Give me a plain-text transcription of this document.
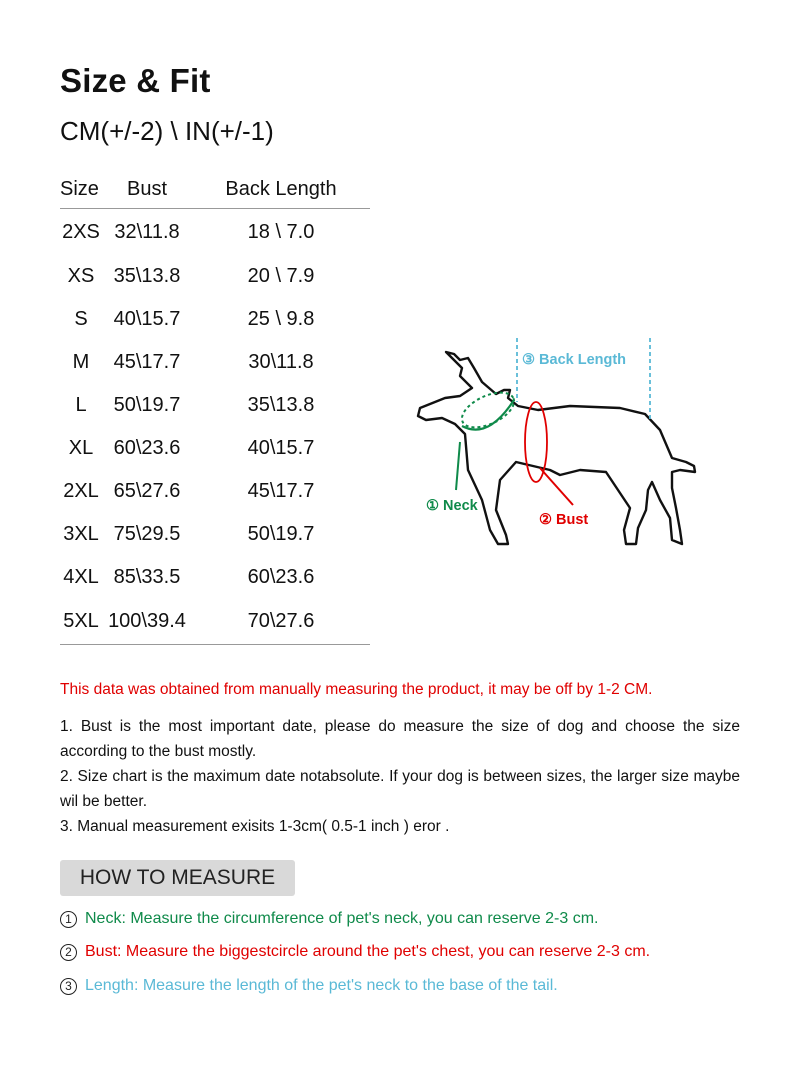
Size & Fit
CM(+/-2) \ IN(+/-1)
Size	Bust	Back Length
2XS	32\11.8	18 \ 7.0
XS	35\13.8	20 \ 7.9
S	40\15.7	25 \ 9.8
M	45\17.7	30\11.8
L	50\19.7	35\13.8
XL	60\23.6	40\15.7
2XL	65\27.6	45\17.7
3XL	75\29.5	50\19.7
4XL	85\33.5	60\23.6
5XL	100\39.4	70\27.6
③ Back Length
① Neck
② Bust
This data was obtained from manually measuring the product, it may be off by 1-2 CM.

1. Bust is the most important date, please do measure the size of dog and choose the size according to the bust mostly.

2. Size chart is the maximum date notabsolute. If your dog is between sizes, the larger size maybe wil be better.

3. Manual measurement exisits 1-3cm( 0.5-1 inch ) eror .

HOW TO MEASURE
1 Neck: Measure the circumference of pet's neck, you can reserve 2-3 cm.
2 Bust: Measure the biggestcircle around the pet's chest, you can reserve 2-3 cm.
3 Length: Measure the length of the pet's neck to the base of the tail.
